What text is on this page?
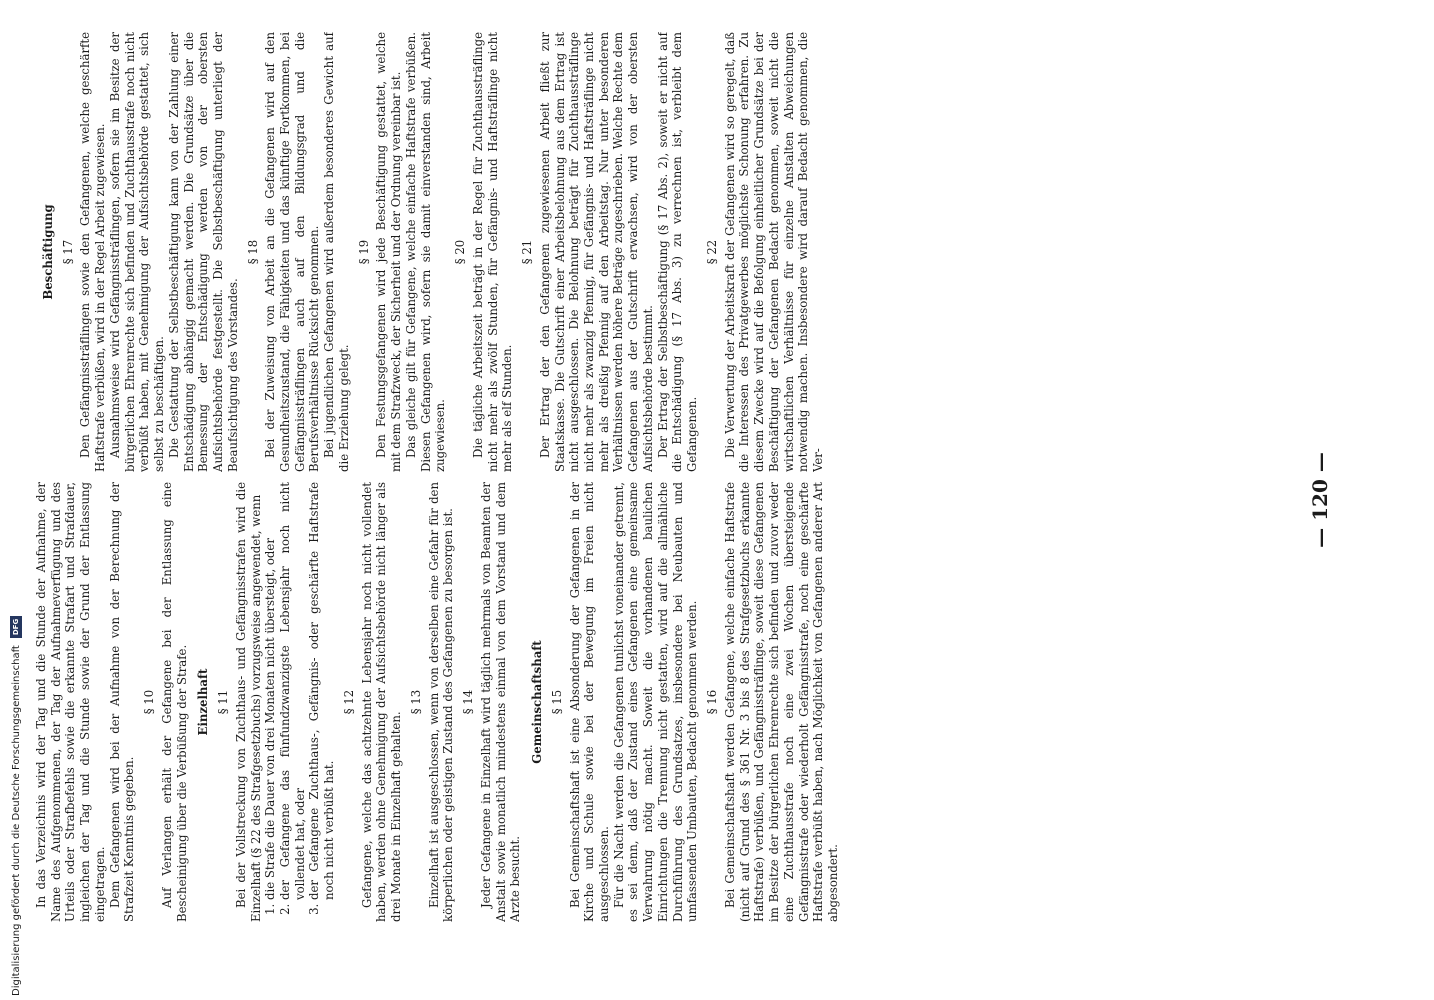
Digitalisierung gefördert durch die Deutsche Forschungsgemeinschaft DFG
— 120 —

In das Verzeichnis wird der Tag und die Stunde der Aufnahme, der Name des Aufgenommenen, der Tag der Aufnahmeverfügung und des Urteils oder Strafbefehls sowie die erkannte Strafart und Strafdauer, ingleichen der Tag und die Stunde sowie der Grund der Entlassung eingetragen. Dem Gefangenen wird bei der Aufnahme von der Berechnung der Strafzeit Kenntnis gegeben.

§ 10 Auf Verlangen erhält der Gefangene bei der Entlassung eine Bescheinigung über die Verbüßung der Strafe. Einzelhaft § 11 Bei der Vollstreckung von Zuchthaus- und Gefängnisstrafen wird die Einzelhaft (§ 22 des Strafgesetzbuchs) vorzugsweise angewendet, wenn 1. die Strafe die Dauer von drei Monaten nicht übersteigt, oder 2. der Gefangene das fünfundzwanzigste Lebensjahr noch nicht vollendet hat, oder 3. der Gefangene Zuchthaus-, Gefängnis- oder geschärfte Haftstrafe noch nicht verbüßt hat.
§ 12 Gefangene, welche das achtzehnte Lebensjahr noch nicht vollendet haben, werden ohne Genehmigung der Aufsichtsbehörde nicht länger als drei Monate in Einzelhaft gehalten.

§ 13 Einzelhaft ist ausgeschlossen, wenn von derselben eine Gefahr für den körperlichen oder geistigen Zustand des Gefangenen zu besorgen ist. § 14 Jeder Gefangene in Einzelhaft wird täglich mehrmals von Beamten der Anstalt sowie monatlich mindestens einmal von dem Vorstand und dem Arzte besucht.

Gemeinschaftshaft § 15 Bei Gemeinschaftshaft ist eine Absonderung der Gefangenen in der Kirche und Schule sowie bei der Bewegung im Freien nicht ausgeschlossen. Für die Nacht werden die Gefangenen tunlichst voneinander getrennt, es sei denn, daß der Zustand eines Gefangenen eine gemeinsame Verwahrung nötig macht. Soweit die vorhandenen baulichen Einrichtungen die Trennung nicht gestatten, wird auf die allmähliche Durchführung des Grundsatzes, insbesondere bei Neubauten und umfassenden Umbauten, Bedacht genommen werden. § 16 Bei Gemeinschaftshaft werden Gefangene, welche einfache Haftstrafe (nicht auf Grund des § 361 Nr. 3 bis 8 des Strafgesetzbuchs erkannte Haftstrafe) verbüßen, und Gefängnissträflinge, soweit diese Gefangenen im Besitze der bürgerlichen Ehrenrechte sich befinden und zuvor weder eine Zuchthausstrafe noch eine zwei Wochen übersteigende Gefängnisstrafe oder wiederholt Gefängnisstrafe, noch eine geschärfte Haftstrafe verbüßt haben, nach Möglichkeit von Gefangenen anderer Art abgesondert.

Beschäftigung § 17 Den Gefängnissträflingen sowie den Gefangenen, welche geschärfte Haftstrafe verbüßen, wird in der Regel Arbeit zugewiesen. Ausnahmsweise wird Gefängnissträflingen, sofern sie im Besitze der bürgerlichen Ehrenrechte sich befinden und Zuchthausstrafe noch nicht verbüßt haben, mit Genehmigung der Aufsichtsbehörde gestattet, sich selbst zu beschäftigen. Die Gestattung der Selbstbeschäftigung kann von der Zahlung einer Entschädigung abhängig gemacht werden. Die Grundsätze über die Bemessung der Entschädigung werden von der obersten Aufsichtsbehörde festgestellt. Die Selbstbeschäftigung unterliegt der Beaufsichtigung des Vorstandes.

§ 18 Bei der Zuweisung von Arbeit an die Gefangenen wird auf den Gesundheitszustand, die Fähigkeiten und das künftige Fortkommen, bei Gefängnissträflingen auch auf den Bildungsgrad und die Berufsverhältnisse Rücksicht genommen. Bei jugendlichen Gefangenen wird außerdem besonderes Gewicht auf die Erziehung gelegt.

§ 19 Den Festungsgefangenen wird jede Beschäftigung gestattet, welche mit dem Strafzweck, der Sicherheit und der Ordnung vereinbar ist. Das gleiche gilt für Gefangene, welche einfache Haftstrafe verbüßen. Diesen Gefangenen wird, sofern sie damit einverstanden sind, Arbeit zugewiesen.

§ 20 Die tägliche Arbeitszeit beträgt in der Regel für Zuchthaussträflinge nicht mehr als zwölf Stunden, für Gefängnis- und Haftsträflinge nicht mehr als elf Stunden.

§ 21 Der Ertrag der den Gefangenen zugewiesenen Arbeit fließt zur Staatskasse. Die Gutschrift einer Arbeitsbelohnung aus dem Ertrag ist nicht ausgeschlossen. Die Belohnung beträgt für Zuchthaussträflinge nicht mehr als zwanzig Pfennig, für Gefängnis- und Haftsträflinge nicht mehr als dreißig Pfennig auf den Arbeitstag. Nur unter besonderen Verhältnissen werden höhere Beträge zugeschrieben. Welche Rechte dem Gefangenen aus der Gutschrift erwachsen, wird von der obersten Aufsichtsbehörde bestimmt. Der Ertrag der Selbstbeschäftigung (§ 17 Abs. 2), soweit er nicht auf die Entschädigung (§ 17 Abs. 3) zu verrechnen ist, verbleibt dem Gefangenen.

§ 22 Die Verwertung der Arbeitskraft der Gefangenen wird so geregelt, daß die Interessen des Privatgewerbes möglichste Schonung erfahren. Zu diesem Zwecke wird auf die Befolgung einheitlicher Grundsätze bei der Beschäftigung der Gefangenen Bedacht genommen, soweit nicht die wirtschaftlichen Verhältnisse für einzelne Anstalten Abweichungen notwendig machen. Insbesondere wird darauf Bedacht genommen, die Ver-
